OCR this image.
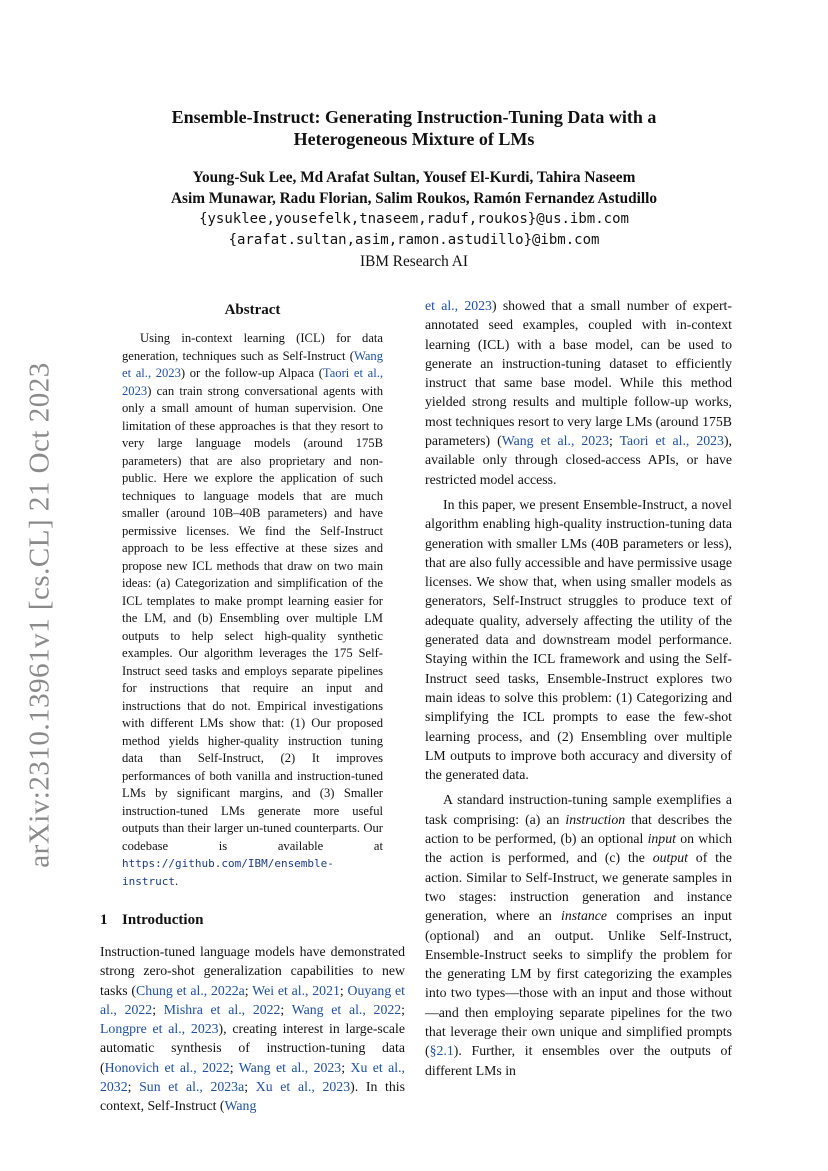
arXiv:2310.13961v1 [cs.CL] 21 Oct 2023
Ensemble-Instruct: Generating Instruction-Tuning Data with a
Heterogeneous Mixture of LMs
Young-Suk Lee, Md Arafat Sultan, Yousef El-Kurdi, Tahira Naseem
Asim Munawar, Radu Florian, Salim Roukos, Ramón Fernandez Astudillo
{ysuklee,yousefelk,tnaseem,raduf,roukos}@us.ibm.com
{arafat.sultan,asim,ramon.astudillo}@ibm.com
IBM Research AI
Abstract

Using in-context learning (ICL) for data generation, techniques such as Self-Instruct (Wang et al., 2023) or the follow-up Alpaca (Taori et al., 2023) can train strong conversational agents with only a small amount of human supervision. One limitation of these approaches is that they resort to very large language models (around 175B parameters) that are also proprietary and non-public. Here we explore the application of such techniques to language models that are much smaller (around 10B–40B parameters) and have permissive licenses. We find the Self-Instruct approach to be less effective at these sizes and propose new ICL methods that draw on two main ideas: (a) Categorization and simplification of the ICL templates to make prompt learning easier for the LM, and (b) Ensembling over multiple LM outputs to help select high-quality synthetic examples. Our algorithm leverages the 175 Self-Instruct seed tasks and employs separate pipelines for instructions that require an input and instructions that do not. Empirical investigations with different LMs show that: (1) Our proposed method yields higher-quality instruction tuning data than Self-Instruct, (2) It improves performances of both vanilla and instruction-tuned LMs by significant margins, and (3) Smaller instruction-tuned LMs generate more useful outputs than their larger un-tuned counterparts. Our codebase is available at https://github.com/IBM/ensemble-instruct.

1 Introduction

Instruction-tuned language models have demonstrated strong zero-shot generalization capabilities to new tasks (Chung et al., 2022a; Wei et al., 2021; Ouyang et al., 2022; Mishra et al., 2022; Wang et al., 2022; Longpre et al., 2023), creating interest in large-scale automatic synthesis of instruction-tuning data (Honovich et al., 2022; Wang et al., 2023; Xu et al., 2032; Sun et al., 2023a; Xu et al., 2023). In this context, Self-Instruct (Wang

et al., 2023) showed that a small number of expert-annotated seed examples, coupled with in-context learning (ICL) with a base model, can be used to generate an instruction-tuning dataset to efficiently instruct that same base model. While this method yielded strong results and multiple follow-up works, most techniques resort to very large LMs (around 175B parameters) (Wang et al., 2023; Taori et al., 2023), available only through closed-access APIs, or have restricted model access.

In this paper, we present Ensemble-Instruct, a novel algorithm enabling high-quality instruction-tuning data generation with smaller LMs (40B parameters or less), that are also fully accessible and have permissive usage licenses. We show that, when using smaller models as generators, Self-Instruct struggles to produce text of adequate quality, adversely affecting the utility of the generated data and downstream model performance. Staying within the ICL framework and using the Self-Instruct seed tasks, Ensemble-Instruct explores two main ideas to solve this problem: (1) Categorizing and simplifying the ICL prompts to ease the few-shot learning process, and (2) Ensembling over multiple LM outputs to improve both accuracy and diversity of the generated data.

A standard instruction-tuning sample exemplifies a task comprising: (a) an instruction that describes the action to be performed, (b) an optional input on which the action is performed, and (c) the output of the action. Similar to Self-Instruct, we generate samples in two stages: instruction generation and instance generation, where an instance comprises an input (optional) and an output. Unlike Self-Instruct, Ensemble-Instruct seeks to simplify the problem for the generating LM by first categorizing the examples into two types—those with an input and those without—and then employing separate pipelines for the two that leverage their own unique and simplified prompts (§2.1). Further, it ensembles over the outputs of different LMs in
